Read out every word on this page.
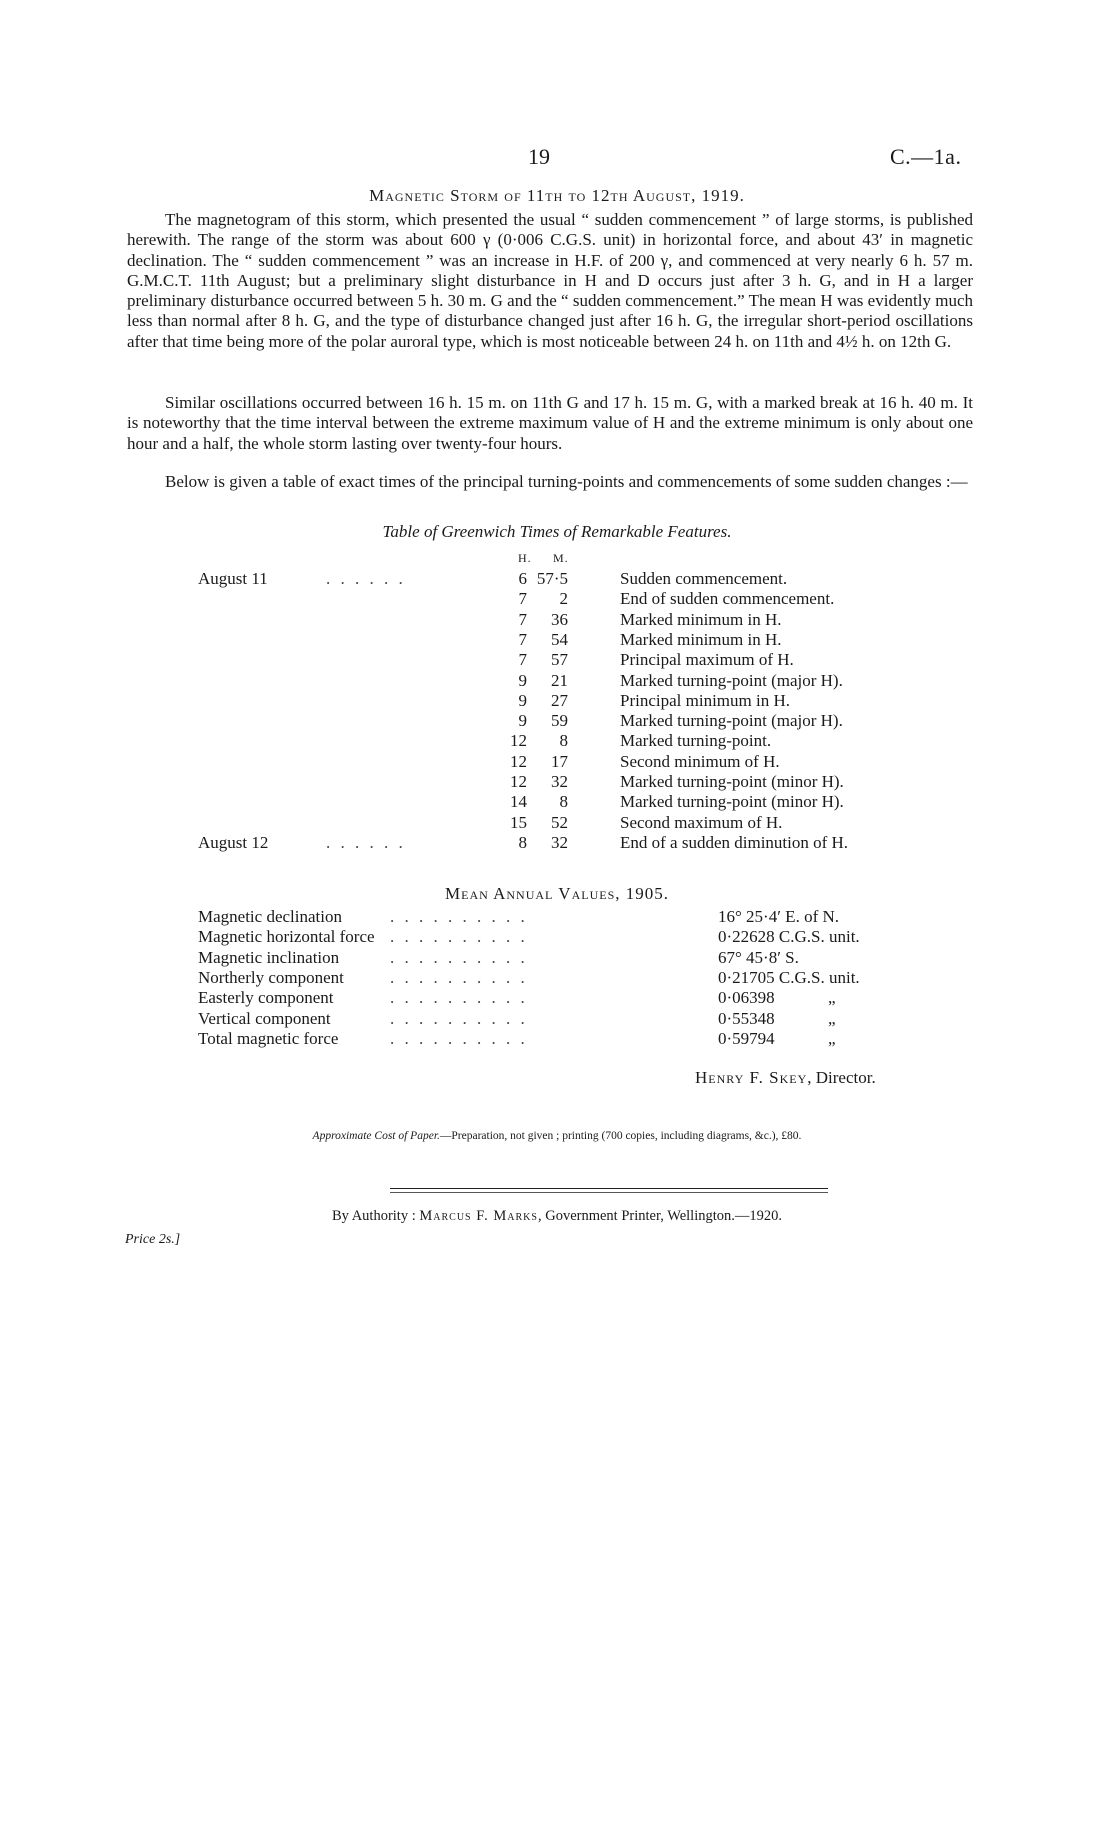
19	C.—1a.
Magnetic Storm of 11th to 12th August, 1919.
The magnetogram of this storm, which presented the usual “ sudden commencement ” of large storms, is published herewith. The range of the storm was about 600 γ (0·006 C.G.S. unit) in horizontal force, and about 43′ in magnetic declination. The “ sudden commencement ” was an increase in H.F. of 200 γ, and commenced at very nearly 6 h. 57 m. G.M.C.T. 11th August; but a preliminary slight disturbance in H and D occurs just after 3 h. G, and in H a larger preliminary disturbance occurred between 5 h. 30 m. G and the “ sudden commencement.” The mean H was evidently much less than normal after 8 h. G, and the type of disturbance changed just after 16 h. G, the irregular short-period oscillations after that time being more of the polar auroral type, which is most noticeable between 24 h. on 11th and 4½ h. on 12th G.
Similar oscillations occurred between 16 h. 15 m. on 11th G and 17 h. 15 m. G, with a marked break at 16 h. 40 m. It is noteworthy that the time interval between the extreme maximum value of H and the extreme minimum is only about one hour and a half, the whole storm lasting over twenty-four hours.
Below is given a table of exact times of the principal turning-points and commencements of some sudden changes :—
Table of Greenwich Times of Remarkable Features.
H. M.
August 11	. . . . . .	6 57·5	Sudden commencement.
7	2	End of sudden commencement.
7	36	Marked minimum in H.
7	54	Marked minimum in H.
7	57	Principal maximum of H.
9	21	Marked turning-point (major H).
9	27	Principal minimum in H.
9	59	Marked turning-point (major H).
12	8	Marked turning-point.
12	17	Second minimum of H.
12	32	Marked turning-point (minor H).
14	8	Marked turning-point (minor H).
15	52	Second maximum of H.
August 12	. . . . . .	8	32	End of a sudden diminution of H.
Mean Annual Values, 1905.
Magnetic declination	. . . . . . . . . .	16° 25·4′ E. of N.
Magnetic horizontal force . . . . . . . . . .	0·22628 C.G.S. unit.
Magnetic inclination	. . . . . . . . . .	67° 45·8′ S.
Northerly component	. . . . . . . . . .	0·21705 C.G.S. unit.
Easterly component	. . . . . . . . . .	0·06398	„
Vertical component	. . . . . . . . . .	0·55348	„
Total magnetic force	. . . . . . . . . .	0·59794	„
Henry F. Skey, Director.
Approximate Cost of Paper.—Preparation, not given ; printing (700 copies, including diagrams, &c.), £80.
By Authority : Marcus F. Marks, Government Printer, Wellington.—1920.
Price 2s.]
